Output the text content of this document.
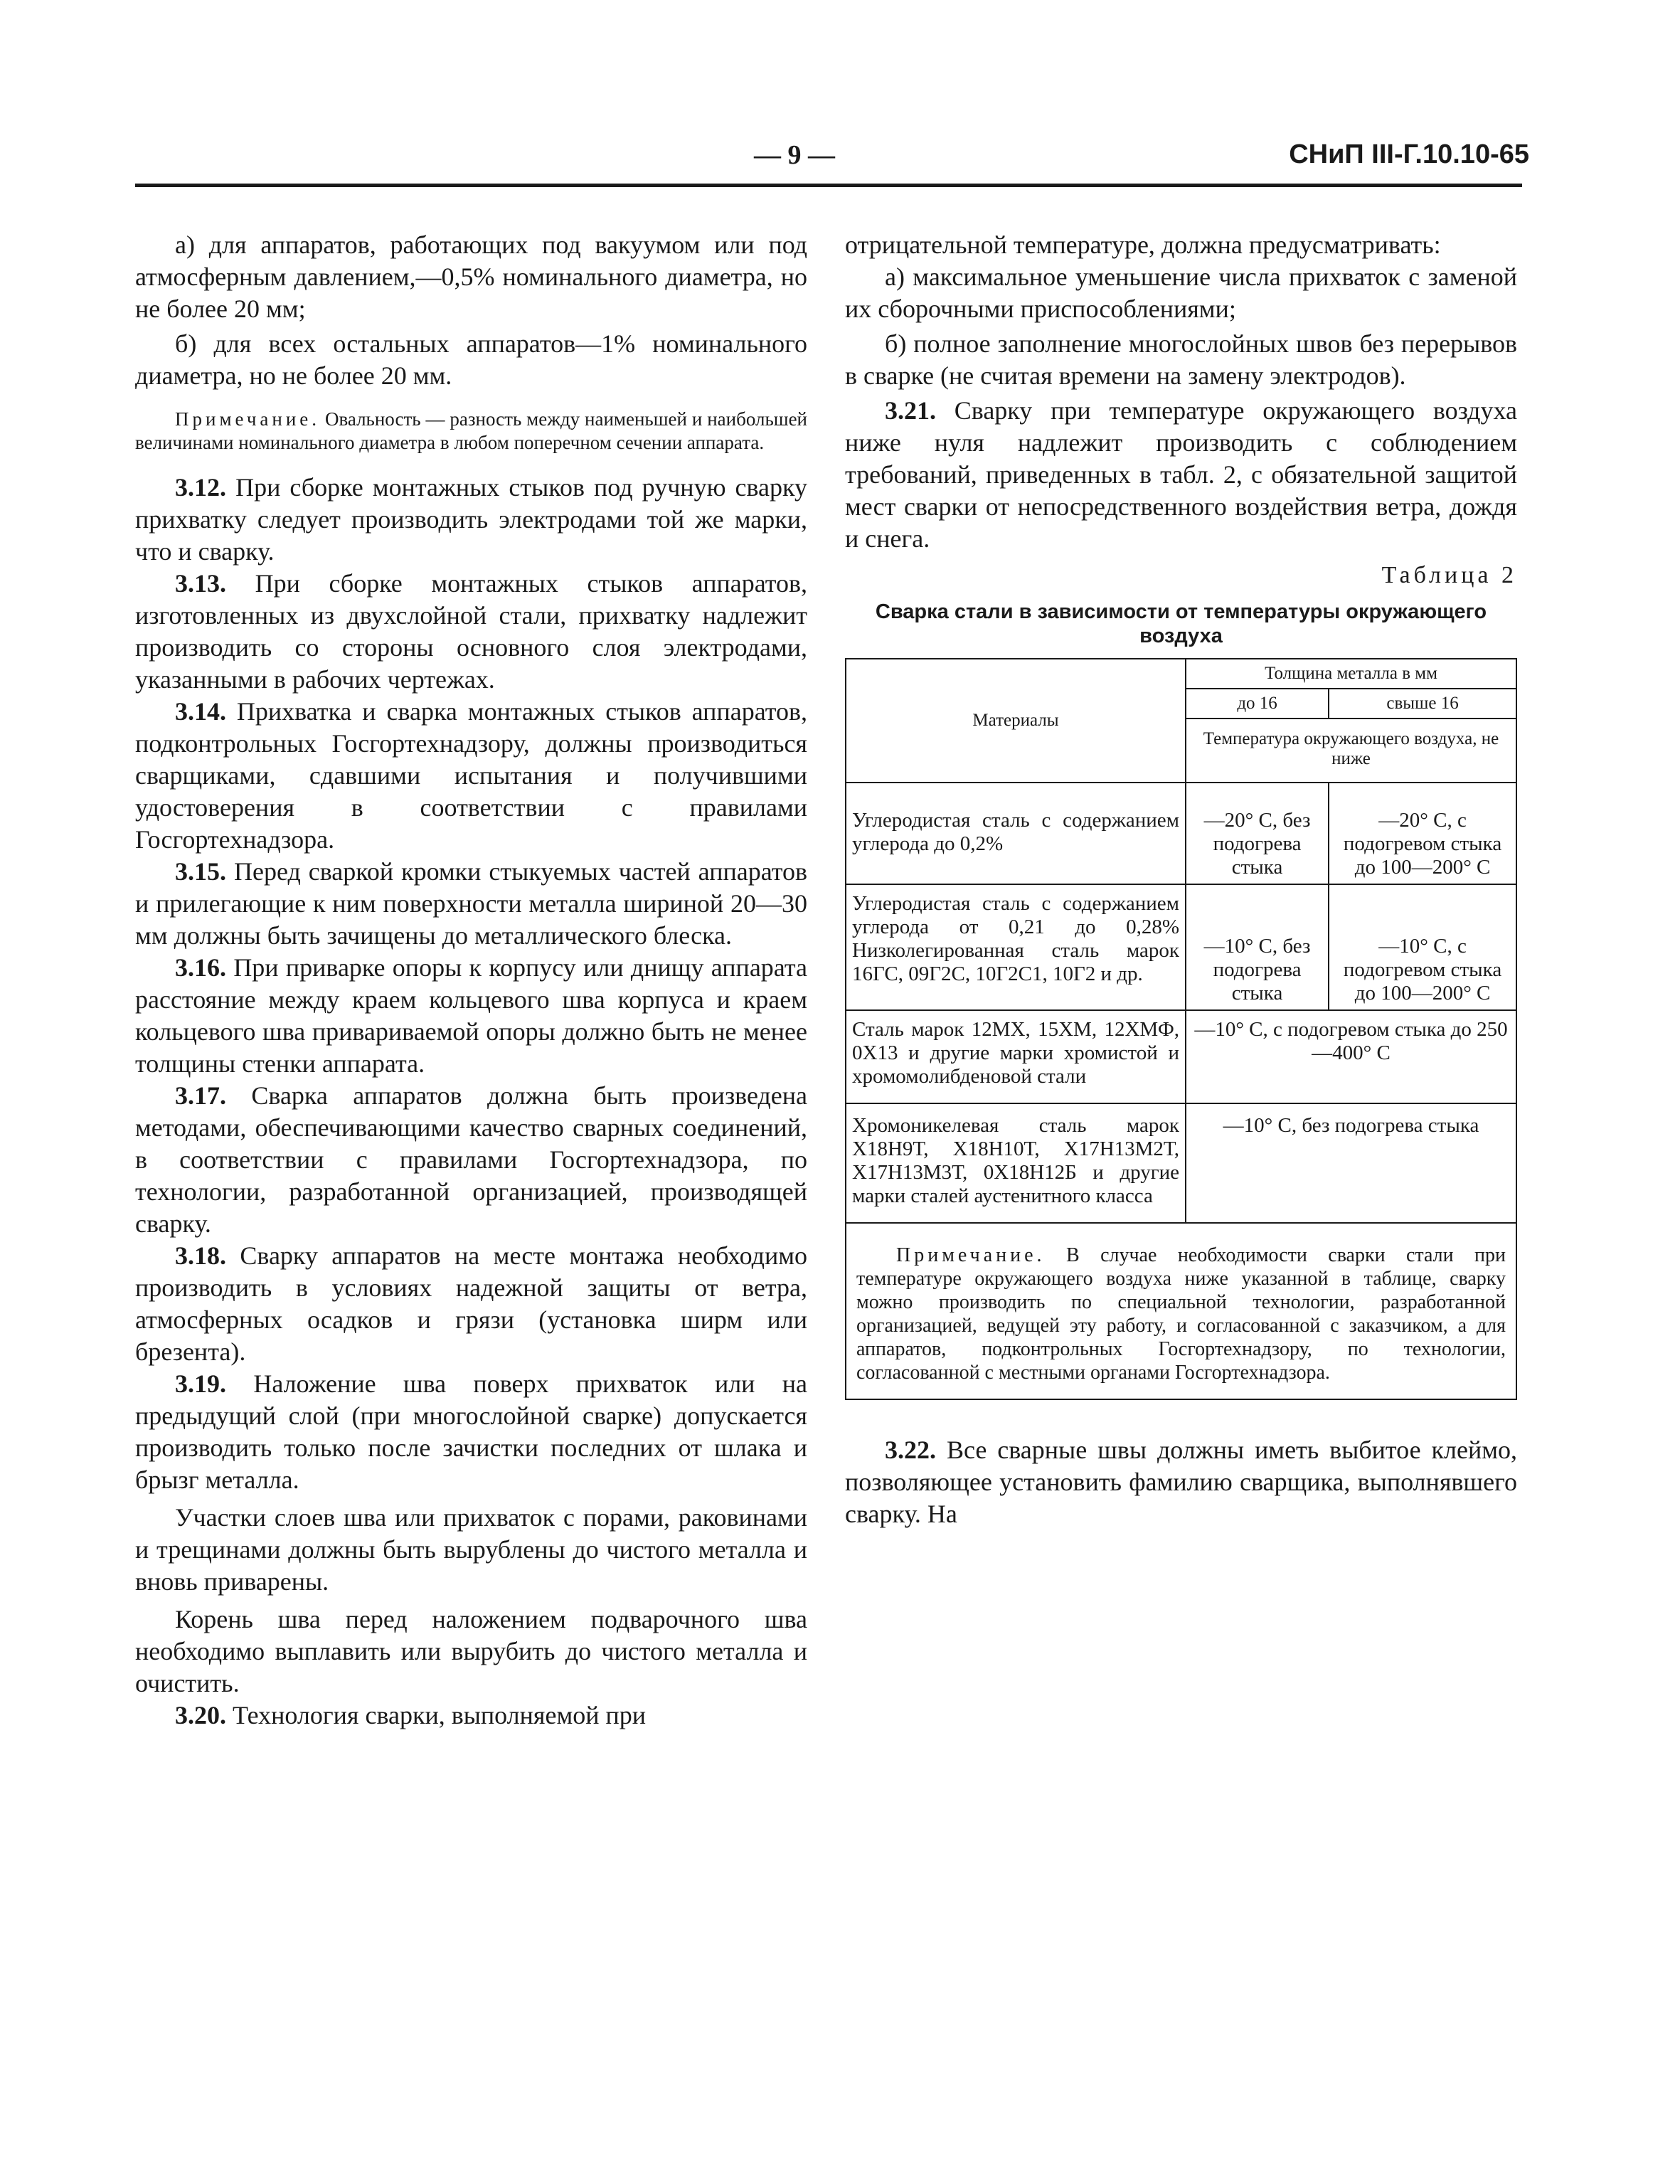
— 9 —	СНиП III-Г.10.10-65

а) для аппаратов, работающих под вакуумом или под атмосферным давлением,—0,5% номинального диаметра, но не более 20 мм;

б) для всех остальных аппаратов—1% номинального диаметра, но не более 20 мм.

Примечание. Овальность — разность между наименьшей и наибольшей величинами номинального диаметра в любом поперечном сечении аппарата.

3.12. При сборке монтажных стыков под ручную сварку прихватку следует производить электродами той же марки, что и сварку.

3.13. При сборке монтажных стыков аппаратов, изготовленных из двухслойной стали, прихватку надлежит производить со стороны основного слоя электродами, указанными в рабочих чертежах.

3.14. Прихватка и сварка монтажных стыков аппаратов, подконтрольных Госгортехнадзору, должны производиться сварщиками, сдавшими испытания и получившими удостоверения в соответствии с правилами Госгортехнадзора.

3.15. Перед сваркой кромки стыкуемых частей аппаратов и прилегающие к ним поверхности металла шириной 20—30 мм должны быть зачищены до металлического блеска.

3.16. При приварке опоры к корпусу или днищу аппарата расстояние между краем кольцевого шва корпуса и краем кольцевого шва привариваемой опоры должно быть не менее толщины стенки аппарата.

3.17. Сварка аппаратов должна быть произведена методами, обеспечивающими качество сварных соединений, в соответствии с правилами Госгортехнадзора, по технологии, разработанной организацией, производящей сварку.

3.18. Сварку аппаратов на месте монтажа необходимо производить в условиях надежной защиты от ветра, атмосферных осадков и грязи (установка ширм или брезента).

3.19. Наложение шва поверх прихваток или на предыдущий слой (при многослойной сварке) допускается производить только после зачистки последних от шлака и брызг металла.

Участки слоев шва или прихваток с порами, раковинами и трещинами должны быть вырублены до чистого металла и вновь приварены.

Корень шва перед наложением подварочного шва необходимо выплавить или вырубить до чистого металла и очистить.

3.20. Технология сварки, выполняемой при

отрицательной температуре, должна предусматривать:

а) максимальное уменьшение числа прихваток с заменой их сборочными приспособлениями;

б) полное заполнение многослойных швов без перерывов в сварке (не считая времени на замену электродов).

3.21. Сварку при температуре окружающего воздуха ниже нуля надлежит производить с соблюдением требований, приведенных в табл. 2, с обязательной защитой мест сварки от непосредственного воздействия ветра, дождя и снега.

Таблица 2
Сварка стали в зависимости от температуры окружающего воздуха
Материалы	Толщина металла в мм	
	до 16	свыше 16
	Температура окружающего воздуха, не ниже	
Углеродистая сталь с содержанием углерода до 0,2%	—20° С, без подогрева стыка	—20° С, с подогревом стыка до 100—200° С
Углеродистая сталь с содержанием углерода от 0,21 до 0,28% Низколегированная сталь марок 16ГС, 09Г2С, 10Г2С1, 10Г2 и др.	—10° С, без подогрева стыка	—10° С, с подогревом стыка до 100—200° С
Сталь марок 12МХ, 15ХМ, 12ХМФ, 0Х13 и другие марки хромистой и хромомолибденовой стали	—10° С, с подогревом стыка до 250—400° С	
Хромоникелевая сталь марок Х18Н9Т, Х18Н10Т, Х17Н13М2Т, Х17Н13М3Т, 0Х18Н12Б и другие марки сталей аустенитного класса	—10° С, без подогрева стыка	
Примечание. В случае необходимости сварки стали при температуре окружающего воздуха ниже указанной в таблице, сварку можно производить по специальной технологии, разработанной организацией, ведущей эту работу, и согласованной с заказчиком, а для аппаратов, подконтрольных Госгортехнадзору, по технологии, согласованной с местными органами Госгортехнадзора.

3.22. Все сварные швы должны иметь выбитое клеймо, позволяющее установить фамилию сварщика, выполнявшего сварку. На
